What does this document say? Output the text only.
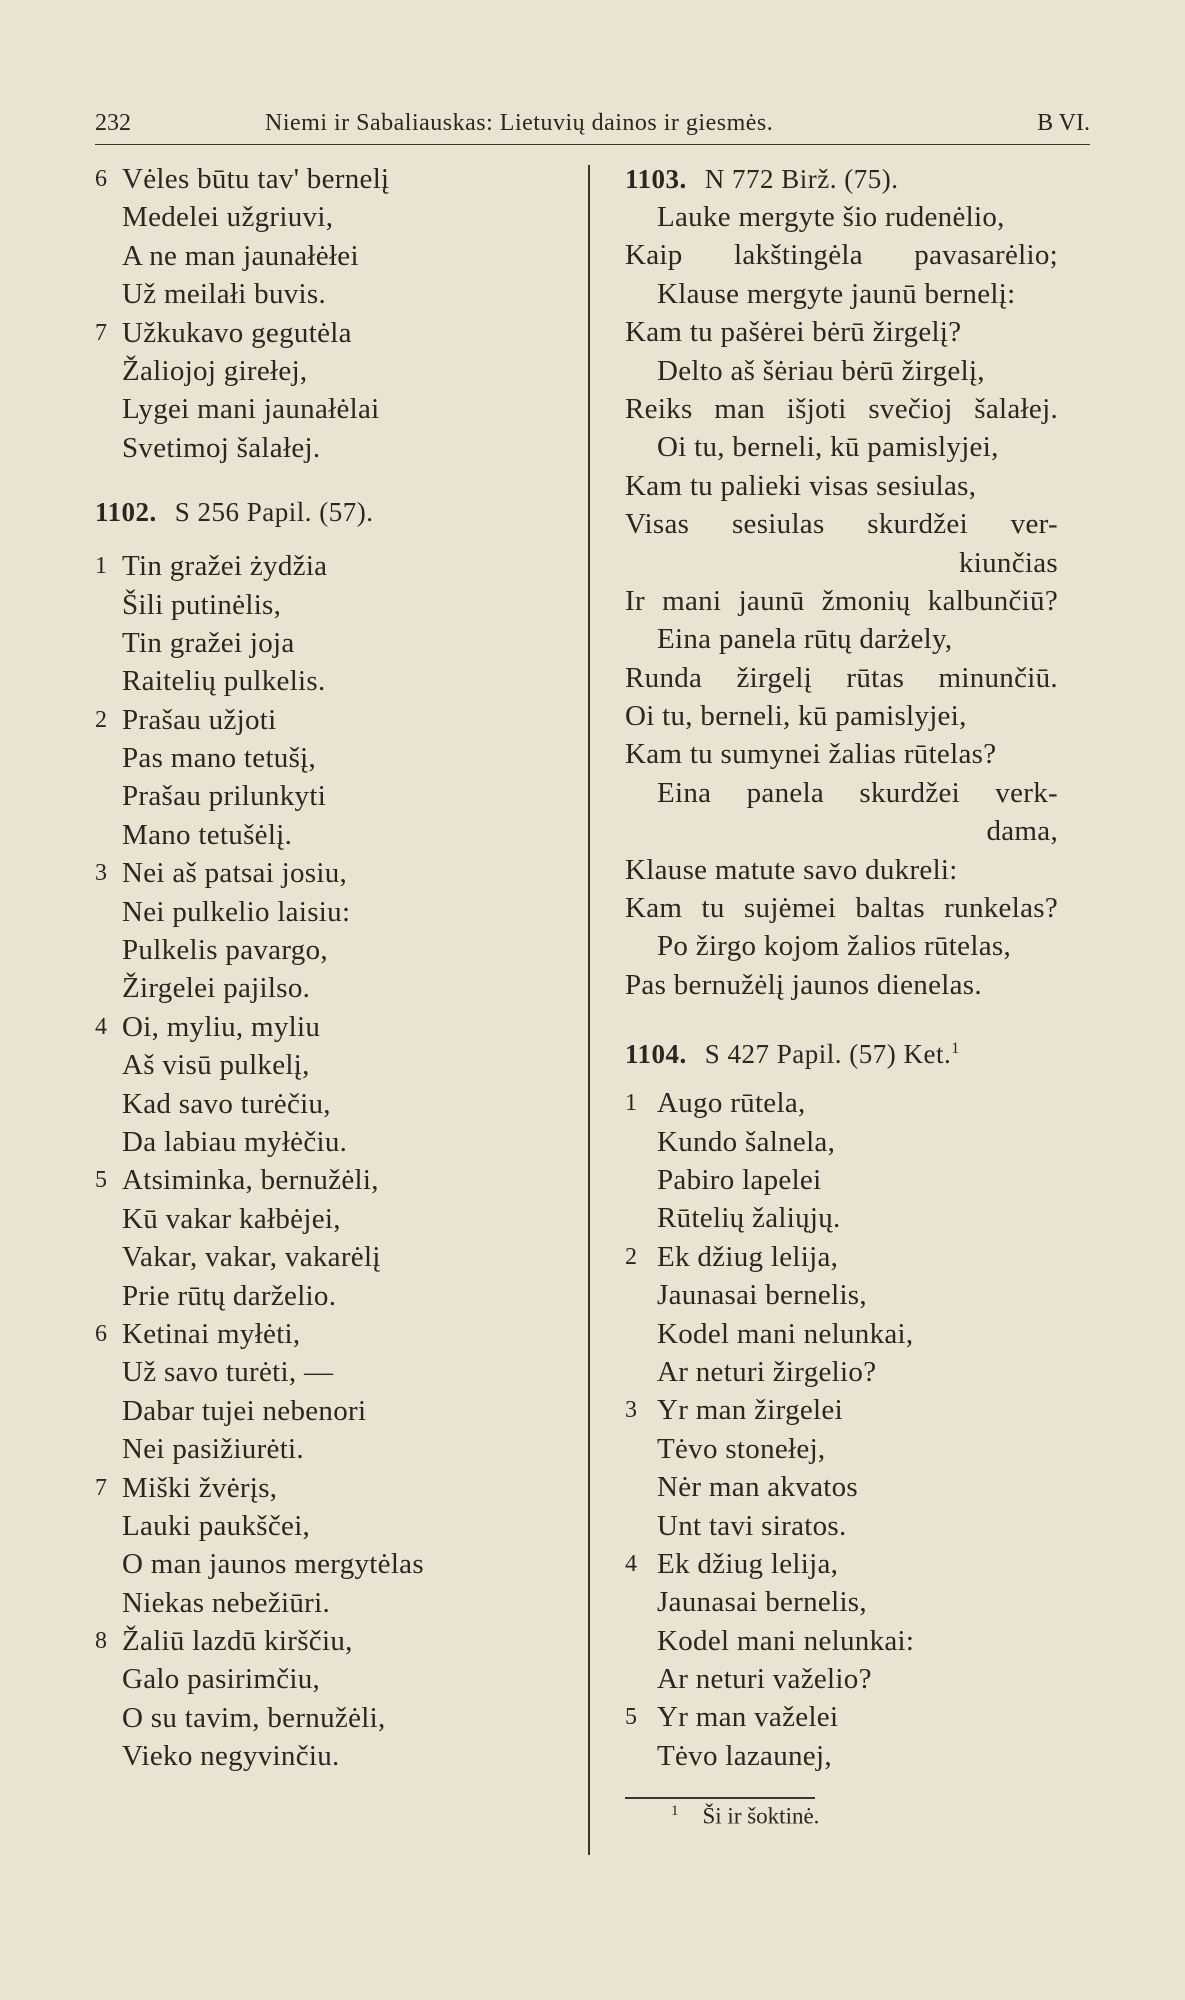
232	Niemi ir Sabaliauskas: Lietuvių dainos ir giesmės.	B VI.
6 Vėles būtu tav' bernelį
Medelei užgriuvi,
A ne man jaunałėłei
Už meilałi buvis.
7 Užkukavo gegutėla
Žaliojoj girełej,
Lygei mani jaunałėlai
Svetimoj šalałej.
1102. S 256 Papil. (57).
1 Tin gražei żydžia
Šili putinėlis,
Tin gražei joja
Raitelių pulkelis.
2 Prašau užjoti
Pas mano tetušį,
Prašau prilunkyti
Mano tetušėlį.
3 Nei aš patsai josiu,
Nei pulkelio laisiu:
Pulkelis pavargo,
Žirgelei pajilso.
4 Oi, myliu, myliu
Aš visū pulkelį,
Kad savo turėčiu,
Da labiau myłėčiu.
5 Atsiminka, bernužėli,
Kū vakar kałbėjei,
Vakar, vakar, vakarėlį
Prie rūtų darželio.
6 Ketinai myłėti,
Už savo turėti, —
Dabar tujei nebenori
Nei pasižiurėti.
7 Miški žvėrįs,
Lauki paukščei,
O man jaunos mergytėlas
Niekas nebežiūri.
8 Žaliū lazdū kirščiu,
Galo pasirimčiu,
O su tavim, bernužėli,
Vieko negyvinčiu.
1103. N 772 Birž. (75).
Lauke mergyte šio rudenėlio,
Kaip lakštingėla pavasarėlio;
Klause mergyte jaunū bernelį:
Kam tu pašėrei bėrū žirgelį?
Delto aš šėriau bėrū žirgelį,
Reiks man išjoti svečioj šalałej.
Oi tu, berneli, kū pamislyjei,
Kam tu palieki visas sesiulas,
Visas sesiulas skurdžei ver-
kiunčias
Ir mani jaunū žmonių kalbunčiū?
Eina panela rūtų darżely,
Runda žirgelį rūtas minunčiū.
Oi tu, berneli, kū pamislyjei,
Kam tu sumynei žalias rūtelas?
Eina panela skurdžei verk-
dama,
Klause matute savo dukreli:
Kam tu sujėmei baltas runkelas?
Po žirgo kojom žalios rūtelas,
Pas bernužėlį jaunos dienelas.
1104. S 427 Papil. (57) Ket.$^1$
1 Augo rūtela,
Kundo šalnela,
Pabiro lapelei
Rūtelių žaliųjų.
2 Ek džiug lelija,
Jaunasai bernelis,
Kodel mani nelunkai,
Ar neturi žirgelio?
3 Yr man žirgelei
Tėvo stonełej,
Nėr man akvatos
Unt tavi siratos.
4 Ek džiug lelija,
Jaunasai bernelis,
Kodel mani nelunkai:
Ar neturi važelio?
5 Yr man važelei
Tėvo lazaunej,
$^1$ Ši ir šoktinė.
